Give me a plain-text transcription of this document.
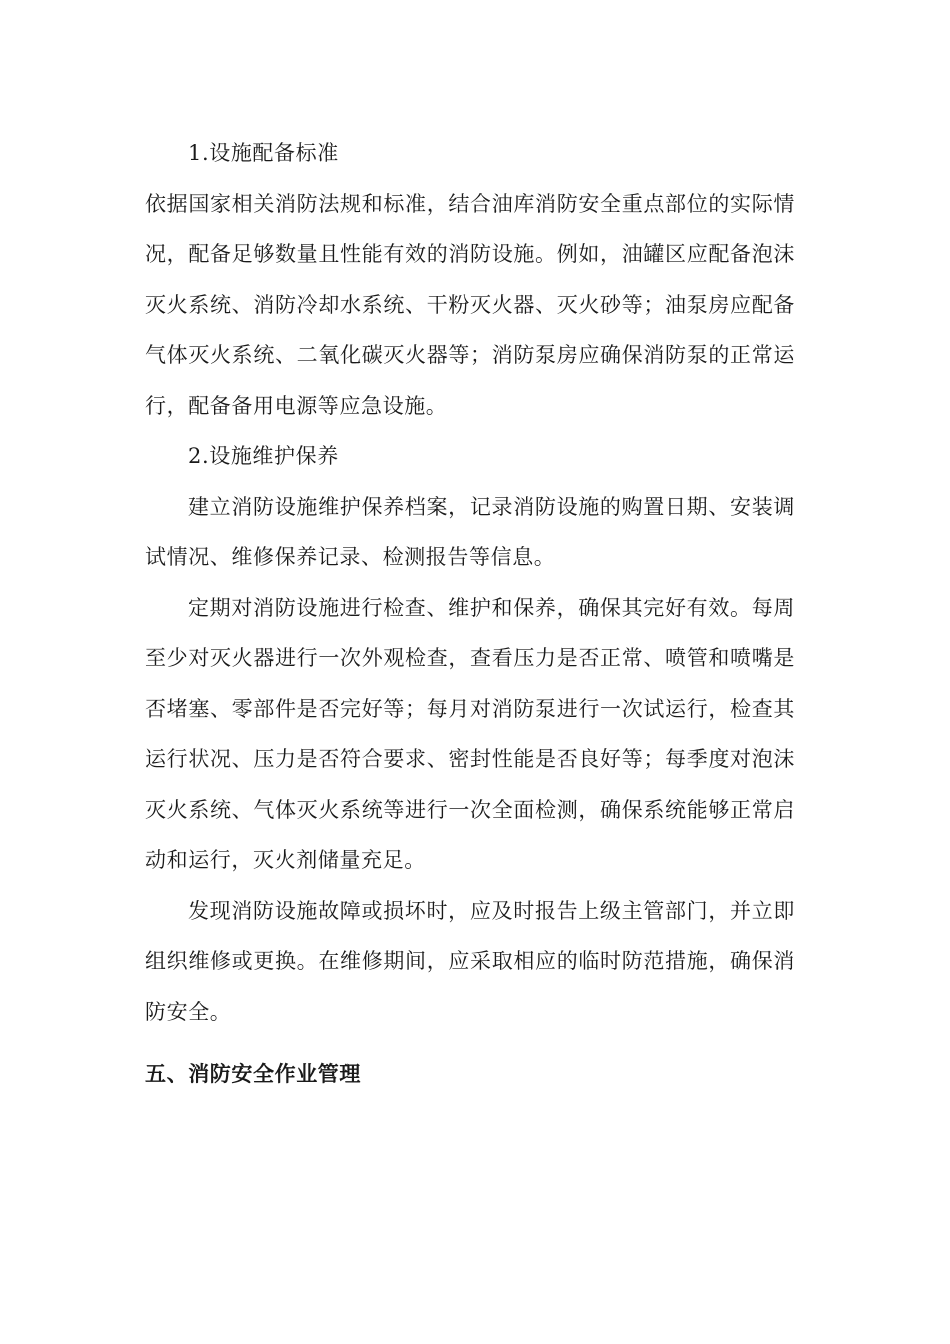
1.设施配备标准

依据国家相关消防法规和标准，结合油库消防安全重点部位的实际情况，配备足够数量且性能有效的消防设施。例如，油罐区应配备泡沫灭火系统、消防冷却水系统、干粉灭火器、灭火砂等；油泵房应配备气体灭火系统、二氧化碳灭火器等；消防泵房应确保消防泵的正常运行，配备备用电源等应急设施。

2.设施维护保养

建立消防设施维护保养档案，记录消防设施的购置日期、安装调试情况、维修保养记录、检测报告等信息。

定期对消防设施进行检查、维护和保养，确保其完好有效。每周至少对灭火器进行一次外观检查，查看压力是否正常、喷管和喷嘴是否堵塞、零部件是否完好等；每月对消防泵进行一次试运行，检查其运行状况、压力是否符合要求、密封性能是否良好等；每季度对泡沫灭火系统、气体灭火系统等进行一次全面检测，确保系统能够正常启动和运行，灭火剂储量充足。

发现消防设施故障或损坏时，应及时报告上级主管部门，并立即组织维修或更换。在维修期间，应采取相应的临时防范措施，确保消防安全。

五、消防安全作业管理
